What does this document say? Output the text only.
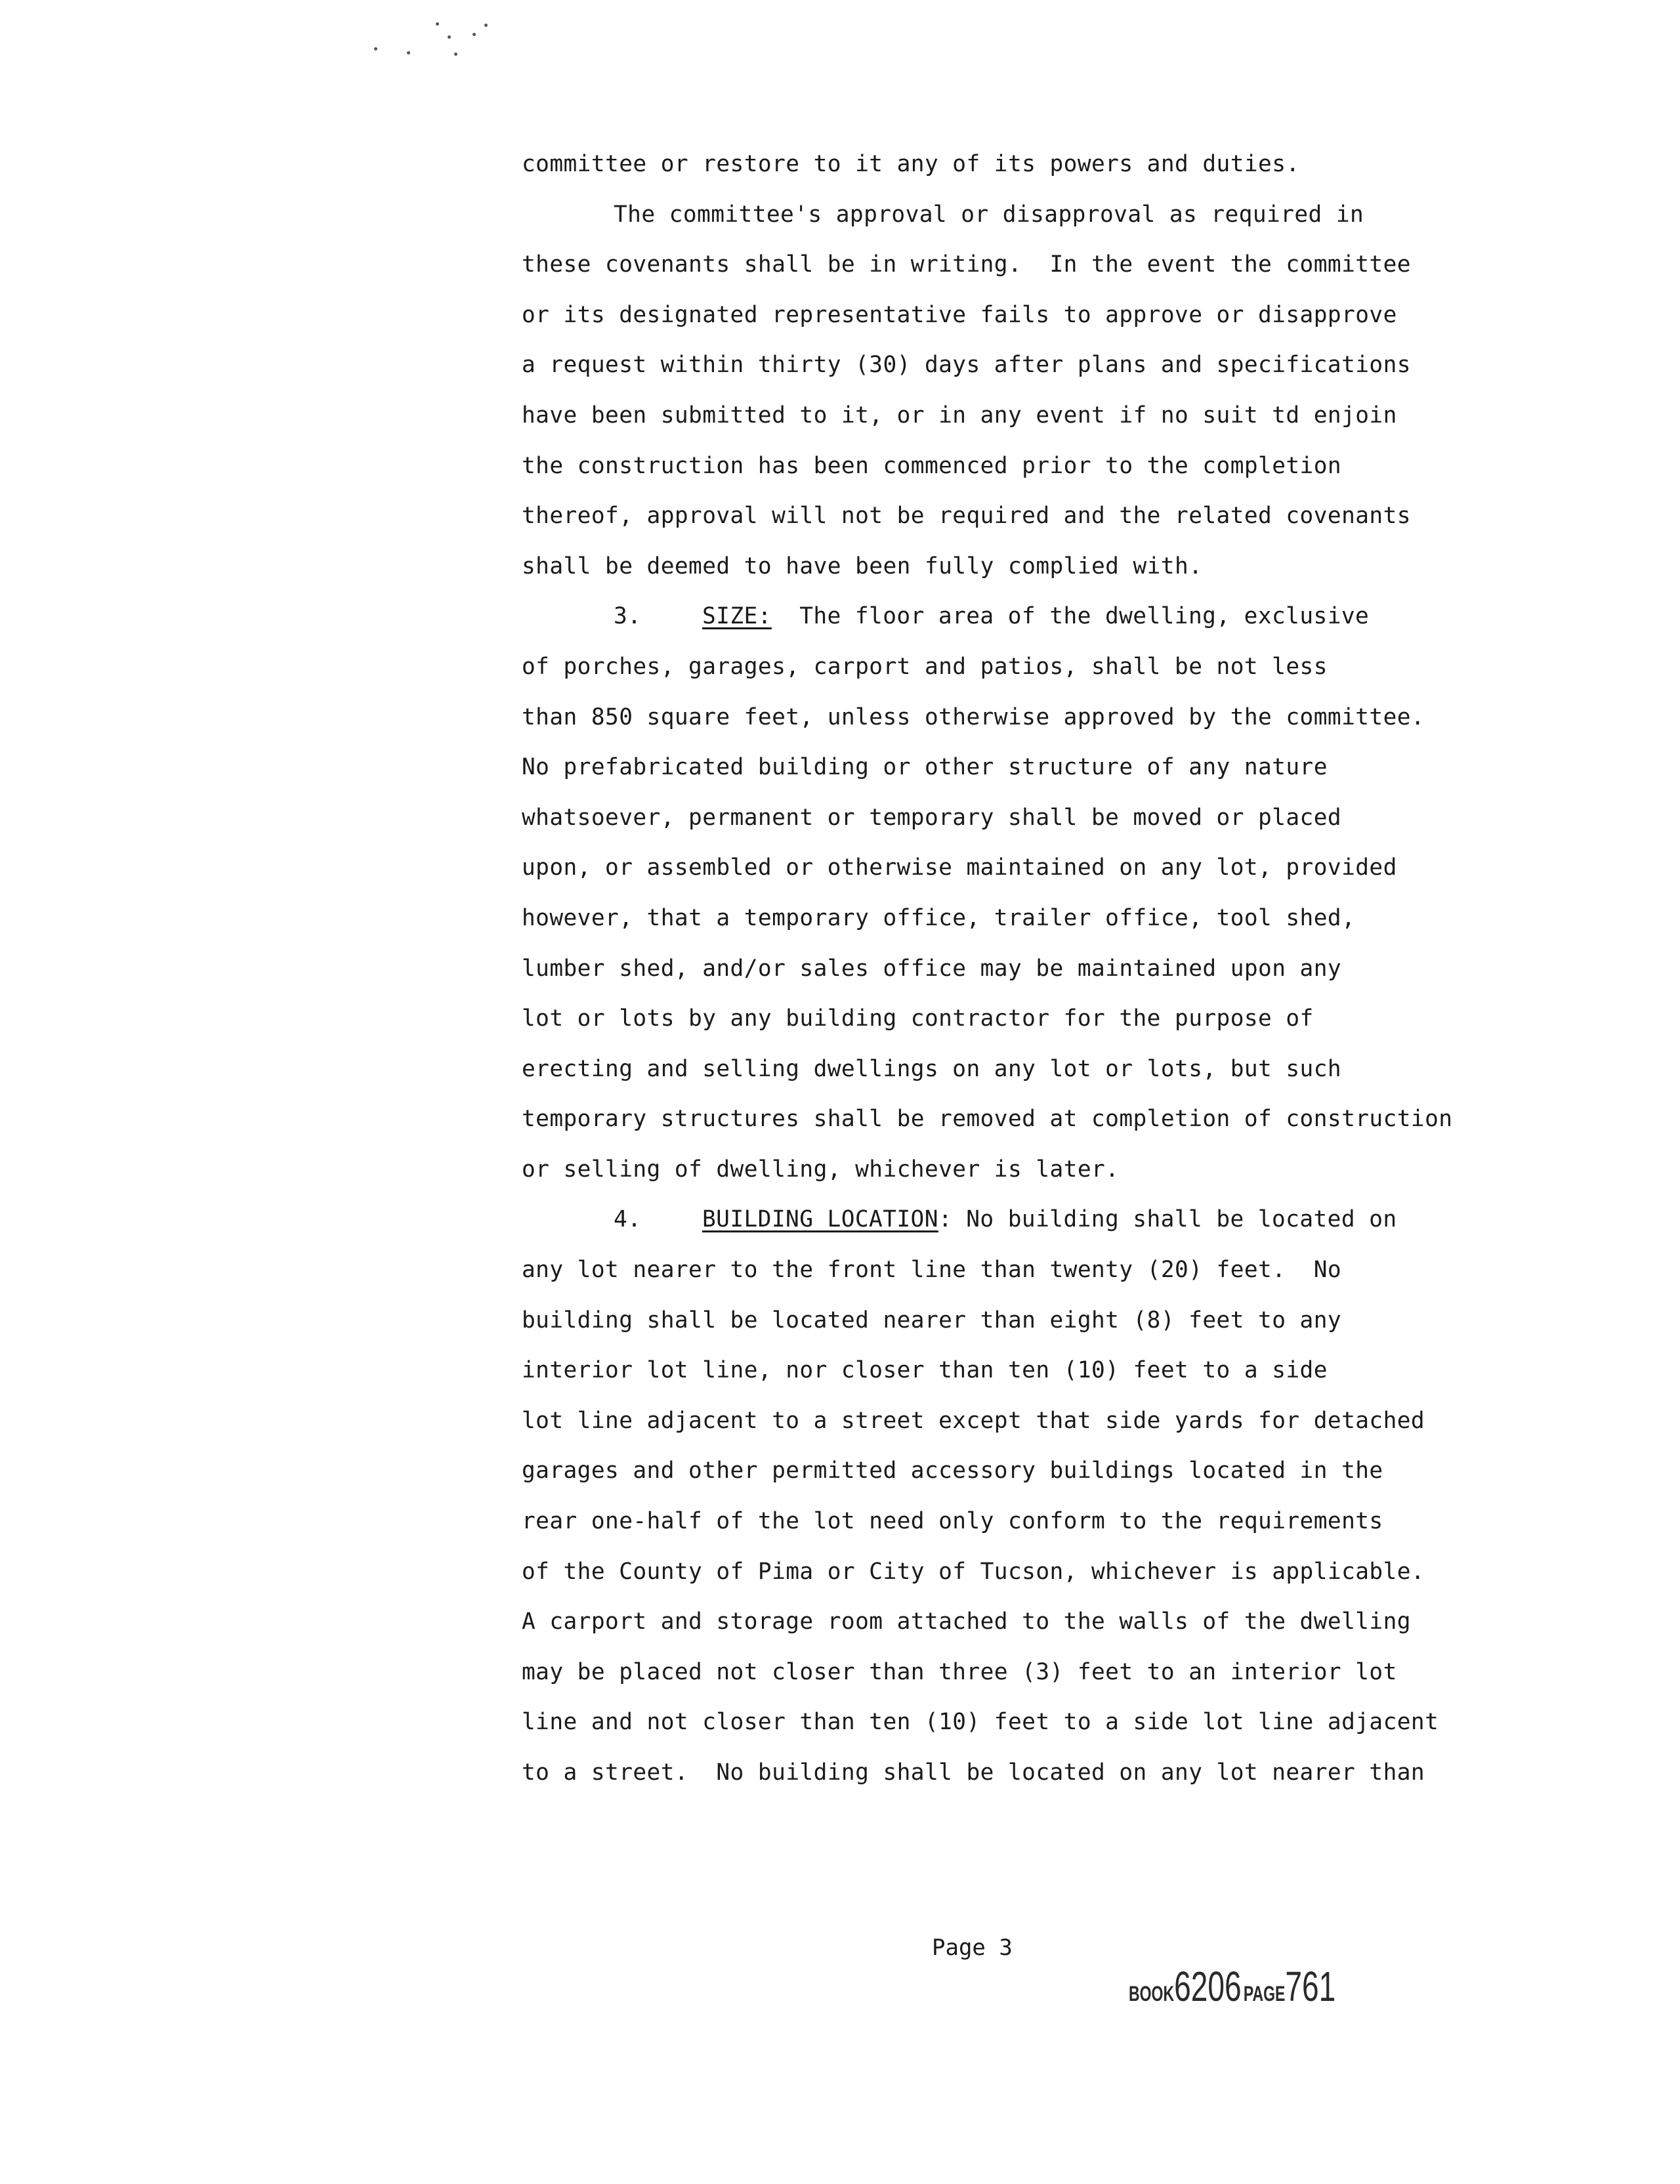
committee or restore to it any of its powers and duties.
The committee's approval or disapproval as required in
these covenants shall be in writing.  In the event the committee
or its designated representative fails to approve or disapprove
a request within thirty (30) days after plans and specifications
have been submitted to it, or in any event if no suit td enjoin
the construction has been commenced prior to the completion
thereof, approval will not be required and the related covenants
shall be deemed to have been fully complied with.
3.	SIZE:  The floor area of the dwelling, exclusive
of porches, garages, carport and patios, shall be not less
than 850 square feet, unless otherwise approved by the committee.
No prefabricated building or other structure of any nature
whatsoever, permanent or temporary shall be moved or placed
upon, or assembled or otherwise maintained on any lot, provided
however, that a temporary office, trailer office, tool shed,
lumber shed, and/or sales office may be maintained upon any
lot or lots by any building contractor for the purpose of
erecting and selling dwellings on any lot or lots, but such
temporary structures shall be removed at completion of construction
or selling of dwelling, whichever is later.
4.	BUILDING LOCATION: No building shall be located on
any lot nearer to the front line than twenty (20) feet.  No
building shall be located nearer than eight (8) feet to any
interior lot line, nor closer than ten (10) feet to a side
lot line adjacent to a street except that side yards for detached
garages and other permitted accessory buildings located in the
rear one-half of the lot need only conform to the requirements
of the County of Pima or City of Tucson, whichever is applicable.
A carport and storage room attached to the walls of the dwelling
may be placed not closer than three (3) feet to an interior lot
line and not closer than ten (10) feet to a side lot line adjacent
to a street.  No building shall be located on any lot nearer than
Page 3
BOOK6206 PAGE761
